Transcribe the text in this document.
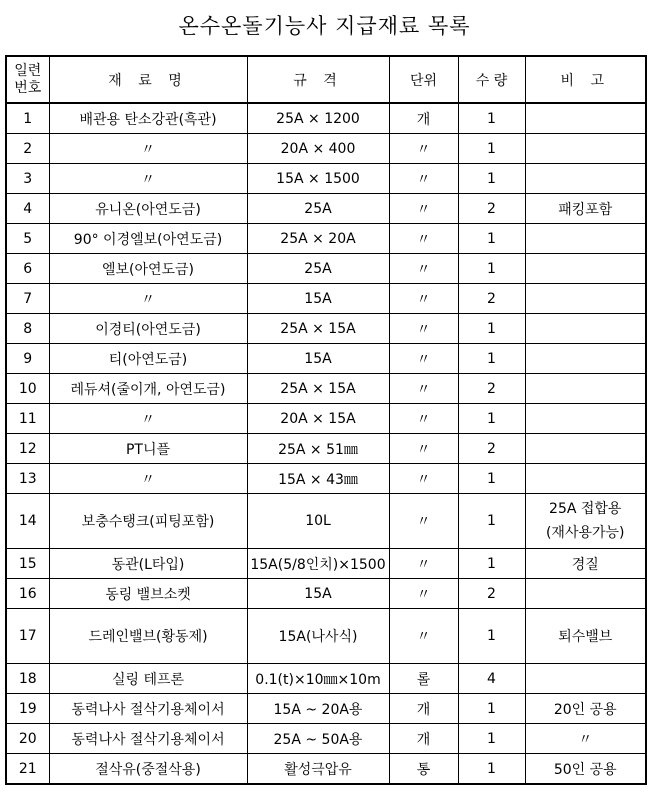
온수온돌기능사 지급재료 목록
일련
번호	재 료 명	규 격	단위	수 량	비 고
1	배관용 탄소강관(흑관)	25A × 1200	개	1	
2	〃	20A × 400	〃	1	
3	〃	15A × 1500	〃	1	
4	유니온(아연도금)	25A	〃	2	패킹포함
5	90° 이경엘보(아연도금)	25A × 20A	〃	1	
6	엘보(아연도금)	25A	〃	1	
7	〃	15A	〃	2	
8	이경티(아연도금)	25A × 15A	〃	1	
9	티(아연도금)	15A	〃	1	
10	레듀셔(줄이개, 아연도금)	25A × 15A	〃	2	
11	〃	20A × 15A	〃	1	
12	PT니플	25A × 51㎜	〃	2	
13	〃	15A × 43㎜	〃	1	
14	보충수탱크(피팅포함)	10L	〃	1	25A 접합용
(재사용가능)
15	동관(L타입)	15A(5/8인치)×1500	〃	1	경질
16	동링 밸브소켓	15A	〃	2	
17	드레인밸브(황동제)	15A(나사식)	〃	1	퇴수밸브
18	실링 테프론	0.1(t)×10㎜×10m	롤	4	
19	동력나사 절삭기용체이서	15A ~ 20A용	개	1	20인 공용
20	동력나사 절삭기용체이서	25A ~ 50A용	개	1	〃
21	절삭유(중절삭용)	활성극압유	통	1	50인 공용
